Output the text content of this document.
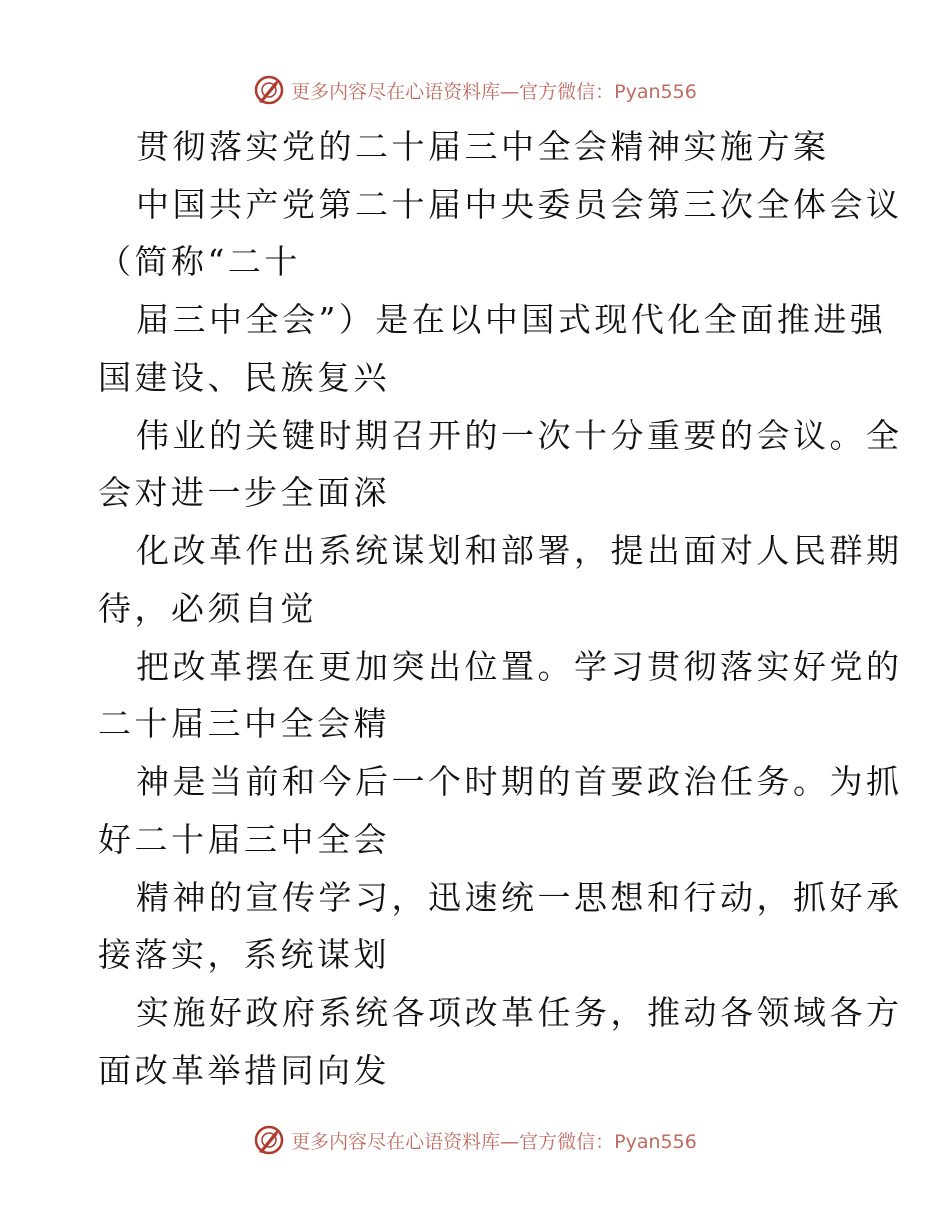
更多内容尽在心语资料库—官方微信：Pyan556
贯彻落实党的二十届三中全会精神实施方案
中国共产党第二十届中央委员会第三次全体会议
（简称“二十
届三中全会”）是在以中国式现代化全面推进强
国建设、民族复兴
伟业的关键时期召开的一次十分重要的会议。全
会对进一步全面深
化改革作出系统谋划和部署，提出面对人民群期
待，必须自觉
把改革摆在更加突出位置。学习贯彻落实好党的
二十届三中全会精
神是当前和今后一个时期的首要政治任务。为抓
好二十届三中全会
精神的宣传学习，迅速统一思想和行动，抓好承
接落实，系统谋划
实施好政府系统各项改革任务，推动各领域各方
面改革举措同向发
更多内容尽在心语资料库—官方微信：Pyan556
